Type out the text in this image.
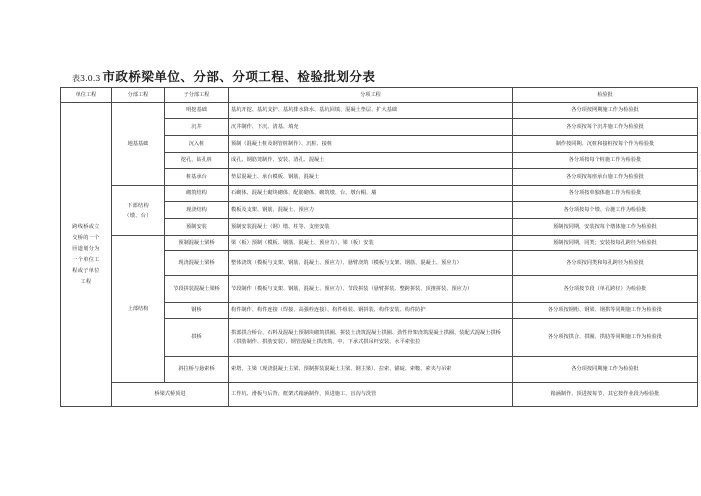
表3.0.3 市政桥梁单位、分部、分项工程、检验批划分表
单位工程	分部工程	子分部工程	分项工程	检验批

跨线桥或立交桥的一个匝道划分为一个单位工程或子单位工程	地基基础	明挖基础	基坑开挖、基坑支护、基坑排水降水、基坑回填、混凝土垫层、扩大基础	各分项按网期施工作为检验批
		沉井	沉井制作、下沉、清基、填充	各分项按每个沉井施工作为检验批
		沉入桩	预制（混凝土桩及钢管桩制作）、沉桩、接桩	制作按同期、沉桩和接桩按每个作为检验批
		挖孔、钻孔桩	成孔、钢筋笼制作、安装、清孔、混凝土	各分项按每个桩施工作为检验批
		桩基承台	垫层混凝土、承台模板、钢筋、混凝土	各分项按每座承台施工作为检验批

	下部结构（墩、台）	砌筑结构	石砌体、混凝土砌块砌体、配筋砌体、砌筑墩、台、墩台帽、墙	各分项按单独体施工作为检验批
		现浇结构	模板及支架、钢筋、混凝土、预应力	各分项按每个墩、台施工作为检验批
		预制安装	预制安装混凝土（钢）墩、柱等、支座安装	预制按同期，安装按每个墩体施工作为检验批
	上部结构	预制混凝土梁桥	梁（板）预制（模板、钢筋、混凝土、预应力）、梁（板）安装	预制按同期，同类；安装按每孔跨径为检验批
		现浇混凝土梁桥	整体浇筑（模板与支架、钢筋、混凝土、预应力）、悬臂浇筑（模板与支架、钢筋、混凝土、预应力）	各分项按同类和每孔跨径为检验批
		节段拼装混凝土梁桥	节段制作（模板与支架、钢筋、混凝土、预应力）、节段拼装（悬臂拼装、整跨拼装、顶推拼装、预应力）	各分项按节段（单孔跨径）为检验批
		钢桥	构件制作、构件连接（焊接、高强栓连接）、构件组装、钢拼装、构件安装、构件防护	各分项按钢桁、钢梁、钢拱等同期施工作为检验批
		拱桥	拱部拱合桥台、石料及混凝土预制块砌筑拱圈、拼装土浇筑混凝土拱圈、劲性骨架浇筑混凝土拱圈、装配式混凝土拱桥（拱肋制作、拱肋安装）、钢管混凝土拱浇筑、中、下承式拱吊杆安装、水平索张拉	各分项按拱合、拱圈、拱肋等同期施工作为检验批
		斜拉桥与悬索桥	索塔、主梁（现浇混凝土主梁、预制拼装混凝土主梁、钢主梁）、拉索、锚碇、索鞍、索夹与吊索	各分项按同期施工作为检验批
	桥梁式桥顶进		工作坑、滑板与后背、框架式箱涵制作、顶进施工、盲沟与洗管	箱涵制作、顶进按每节，其它按作业段为检验批
